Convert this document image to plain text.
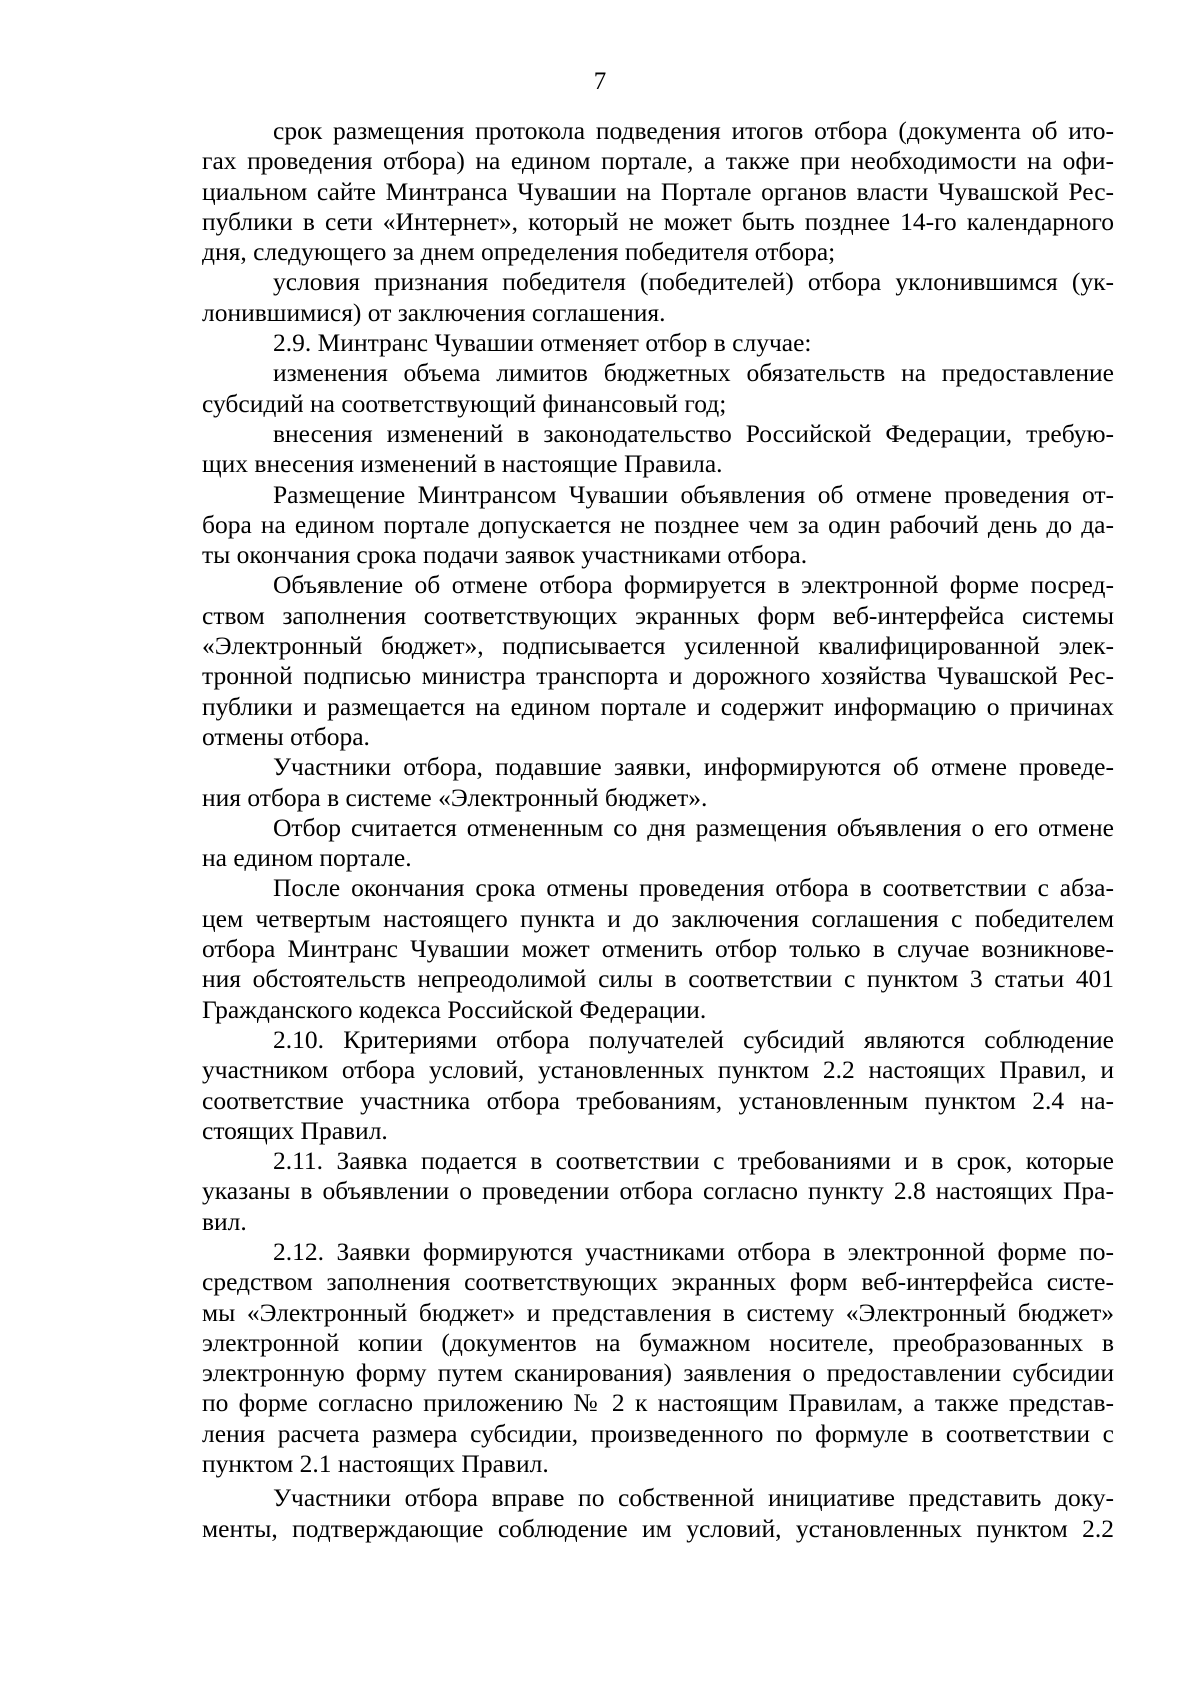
7
срок размещения протокола подведения итогов отбора (документа об ито-
гах проведения отбора) на едином портале, а также при необходимости на офи-
циальном сайте Минтранса Чувашии на Портале органов власти Чувашской Рес-
публики в сети «Интернет», который не может быть позднее 14-го календарного
дня, следующего за днем определения победителя отбора;
условия признания победителя (победителей) отбора уклонившимся (ук-
лонившимися) от заключения соглашения.
2.9. Минтранс Чувашии отменяет отбор в случае:
изменения объема лимитов бюджетных обязательств на предоставление
субсидий на соответствующий финансовый год;
внесения изменений в законодательство Российской Федерации, требую-
щих внесения изменений в настоящие Правила.
Размещение Минтрансом Чувашии объявления об отмене проведения от-
бора на едином портале допускается не позднее чем за один рабочий день до да-
ты окончания срока подачи заявок участниками отбора.
Объявление об отмене отбора формируется в электронной форме посред-
ством заполнения соответствующих экранных форм веб-интерфейса системы
«Электронный бюджет», подписывается усиленной квалифицированной элек-
тронной подписью министра транспорта и дорожного хозяйства Чувашской Рес-
публики и размещается на едином портале и содержит информацию о причинах
отмены отбора.
Участники отбора, подавшие заявки, информируются об отмене проведе-
ния отбора в системе «Электронный бюджет».
Отбор считается отмененным со дня размещения объявления о его отмене
на едином портале.
После окончания срока отмены проведения отбора в соответствии с абза-
цем четвертым настоящего пункта и до заключения соглашения с победителем
отбора Минтранс Чувашии может отменить отбор только в случае возникнове-
ния обстоятельств непреодолимой силы в соответствии с пунктом 3 статьи 401
Гражданского кодекса Российской Федерации.
2.10. Критериями отбора получателей субсидий являются соблюдение
участником отбора условий, установленных пунктом 2.2 настоящих Правил, и
соответствие участника отбора требованиям, установленным пунктом 2.4 на-
стоящих Правил.
2.11. Заявка подается в соответствии с требованиями и в срок, которые
указаны в объявлении о проведении отбора согласно пункту 2.8 настоящих Пра-
вил.
2.12. Заявки формируются участниками отбора в электронной форме по-
средством заполнения соответствующих экранных форм веб-интерфейса систе-
мы «Электронный бюджет» и представления в систему «Электронный бюджет»
электронной копии (документов на бумажном носителе, преобразованных в
электронную форму путем сканирования) заявления о предоставлении субсидии
по форме согласно приложению № 2 к настоящим Правилам, а также представ-
ления расчета размера субсидии, произведенного по формуле в соответствии с
пунктом 2.1 настоящих Правил.
Участники отбора вправе по собственной инициативе представить доку-
менты, подтверждающие соблюдение им условий, установленных пунктом 2.2
